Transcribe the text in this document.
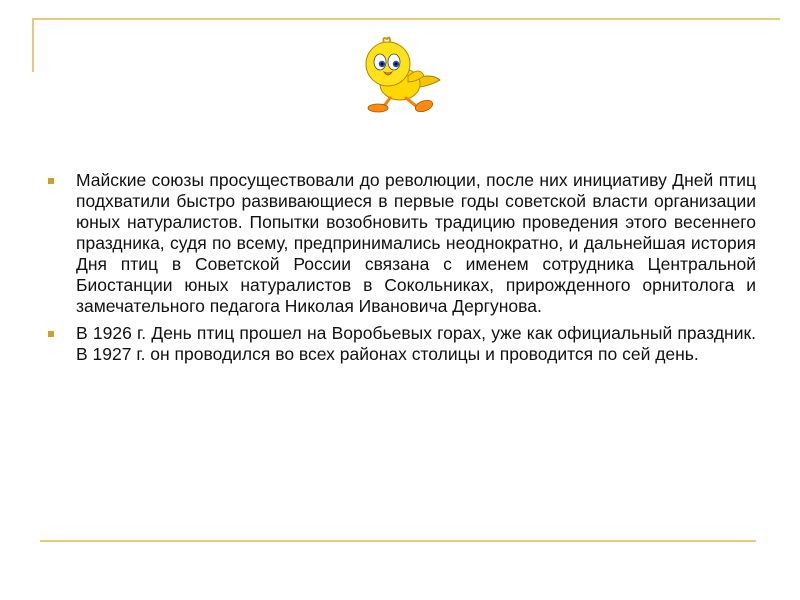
Майские союзы просуществовали до революции, после них инициативу Дней птиц подхватили быстро развивающиеся в первые годы советской власти организации юных натуралистов. Попытки возобновить традицию проведения этого весеннего праздника, судя по всему, предпринимались неоднократно, и дальнейшая история Дня птиц в Советской России связана с именем сотрудника Центральной Биостанции юных натуралистов в Сокольниках, прирожденного орнитолога и замечательного педагога Николая Ивановича Дергунова.
В 1926 г. День птиц прошел на Воробьевых горах, уже как официальный праздник. В 1927 г. он проводился во всех районах столицы и проводится по сей день.
